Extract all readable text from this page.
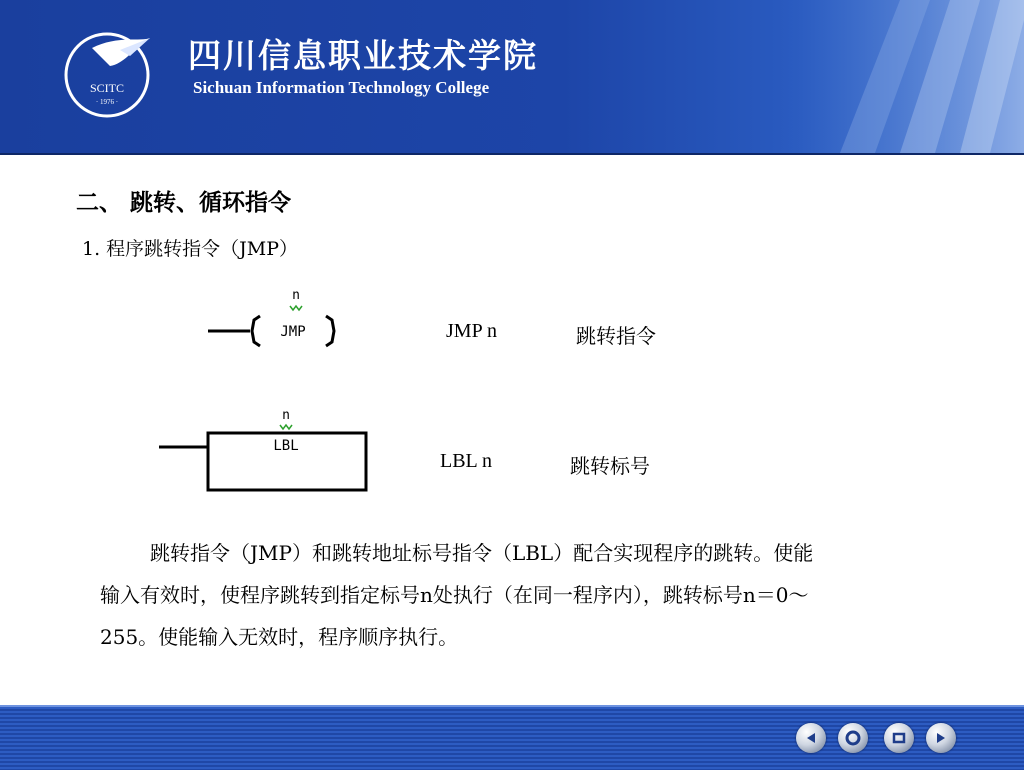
SCITC
· 1976 ·
四川信息职业技术学院
Sichuan Information Technology College
二、 跳转、循环指令
1. 程序跳转指令（JMP）
n
JMP	JMP n	跳转指令
n
LBL
LBL n	跳转标号
跳转指令（JMP）和跳转地址标号指令（LBL）配合实现程序的跳转。使能
输入有效时，使程序跳转到指定标号n处执行（在同一程序内），跳转标号n＝0～
255。使能输入无效时，程序顺序执行。
